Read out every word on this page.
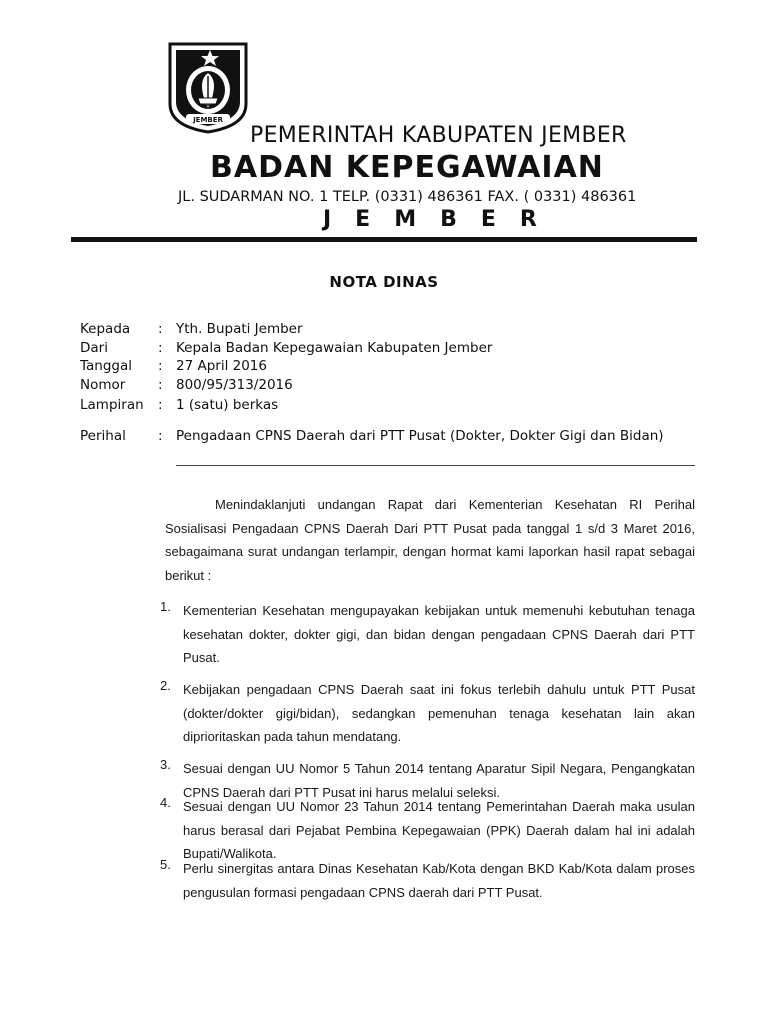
JEMBER
PEMERINTAH KABUPATEN JEMBER
BADAN KEPEGAWAIAN
JL. SUDARMAN NO. 1 TELP. (0331) 486361 FAX. ( 0331) 486361
JEMBER
NOTA DINAS
Kepada	: Yth. Bupati Jember
Dari	: Kepala Badan Kepegawaian Kabupaten Jember
Tanggal	: 27 April 2016
Nomor	: 800/95/313/2016
Lampiran	: 1 (satu) berkas
Perihal	: Pengadaan CPNS Daerah dari PTT Pusat (Dokter, Dokter Gigi dan Bidan)
Menindaklanjuti undangan Rapat dari Kementerian Kesehatan RI Perihal Sosialisasi Pengadaan CPNS Daerah Dari PTT Pusat pada tanggal 1 s/d 3 Maret 2016, sebagaimana surat undangan terlampir, dengan hormat kami laporkan hasil rapat sebagai berikut :
1. Kementerian Kesehatan mengupayakan kebijakan untuk memenuhi kebutuhan tenaga kesehatan dokter, dokter gigi, dan bidan dengan pengadaan CPNS Daerah dari PTT Pusat.
2. Kebijakan pengadaan CPNS Daerah saat ini fokus terlebih dahulu untuk PTT Pusat (dokter/dokter gigi/bidan), sedangkan pemenuhan tenaga kesehatan lain akan diprioritaskan pada tahun mendatang.
3. Sesuai dengan UU Nomor 5 Tahun 2014 tentang Aparatur Sipil Negara, Pengangkatan CPNS Daerah dari PTT Pusat ini harus melalui seleksi.
4. Sesuai dengan UU Nomor 23 Tahun 2014 tentang Pemerintahan Daerah maka usulan harus berasal dari Pejabat Pembina Kepegawaian (PPK) Daerah dalam hal ini adalah Bupati/Walikota.
5. Perlu sinergitas antara Dinas Kesehatan Kab/Kota dengan BKD Kab/Kota dalam proses pengusulan formasi pengadaan CPNS daerah dari PTT Pusat.
